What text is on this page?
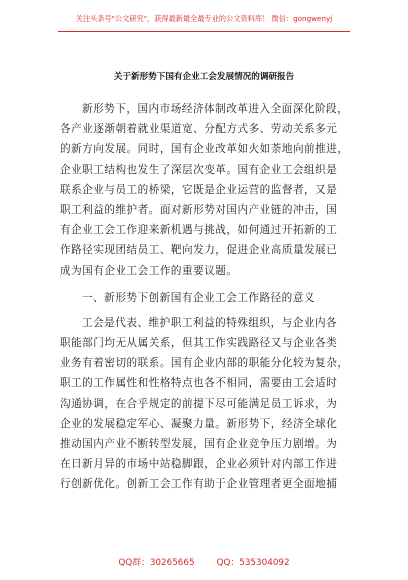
关注头条号"公文研究"，获得最新最全最专业的公文资料库！ 微信：gongwenyj
关于新形势下国有企业工会发展情况的调研报告
新形势下，国内市场经济体制改革进入全面深化阶段，
各产业逐渐朝着就业渠道宽、分配方式多、劳动关系多元
的新方向发展。同时，国有企业改革如火如荼地向前推进，
企业职工结构也发生了深层次变革。国有企业工会组织是
联系企业与员工的桥梁，它既是企业运营的监督者，又是
职工利益的维护者。面对新形势对国内产业链的冲击，国
有企业工会工作迎来新机遇与挑战，如何通过开拓新的工
作路径实现团结员工、靶向发力，促进企业高质量发展已
成为国有企业工会工作的重要议题。
一、新形势下创新国有企业工会工作路径的意义
工会是代表、维护职工利益的特殊组织，与企业内各
职能部门均无从属关系，但其工作实践路径又与企业各类
业务有着密切的联系。国有企业内部的职能分化较为复杂，
职工的工作属性和性格特点也各不相同，需要由工会适时
沟通协调，在合乎规定的前提下尽可能满足员工诉求，为
企业的发展稳定军心、凝聚力量。新形势下，经济全球化
推动国内产业不断转型发展，国有企业竞争压力剧增。为
在日新月异的市场中站稳脚跟，企业必须针对内部工作进
行创新优化。创新工会工作有助于企业管理者更全面地捕
QQ群：30265665	QQ：535304092
